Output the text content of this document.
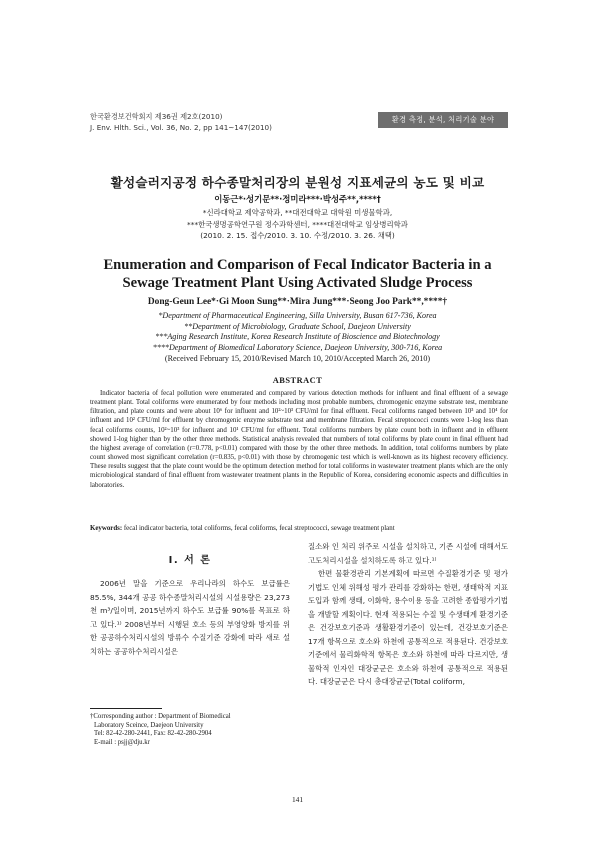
한국환경보건학회지 제36권 제2호(2010)
J. Env. Hlth. Sci., Vol. 36, No. 2, pp 141~147(2010)
환경 측정, 분석, 처리기술 분야
활성슬러지공정 하수종말처리장의 분원성 지표세균의 농도 및 비교
이동근*·성기문**·정미라***·박성주**,****†
*신라대학교 제약공학과, **대전대학교 대학원 미생물학과,
***한국생명공학연구원 정수과학센터, ****대전대학교 임상병리학과
(2010. 2. 15. 접수/2010. 3. 10. 수정/2010. 3. 26. 채택)
Enumeration and Comparison of Fecal Indicator Bacteria in a
Sewage Treatment Plant Using Activated Sludge Process
Dong-Geun Lee*·Gi Moon Sung**·Mira Jung***·Seong Joo Park**,****†
*Department of Pharmaceutical Engineering, Silla University, Busan 617-736, Korea
**Department of Microbiology, Graduate School, Daejeon University
***Aging Research Institute, Korea Research Institute of Bioscience and Biotechnology
****Department of Biomedical Laboratory Science, Daejeon University, 300-716, Korea
(Received February 15, 2010/Revised March 10, 2010/Accepted March 26, 2010)
ABSTRACT

Indicator bacteria of fecal pollution were enumerated and compared by various detection methods for influent and final effluent of a sewage treatment plant. Total coliforms were enumerated by four methods including most probable numbers, chromogenic enzyme substrate test, membrane filtration, and plate counts and were about 10⁶ for influent and 10²~10³ CFU/ml for final effluent. Fecal coliforms ranged between 10³ and 10⁴ for influent and 10² CFU/ml for effluent by chromogenic enzyme substrate test and membrane filtration. Fecal streptococci counts were 1-log less than fecal coliforms counts, 10²~10³ for influent and 10¹ CFU/ml for effluent. Total coliforms numbers by plate count both in influent and in effluent showed 1-log higher than by the other three methods. Statistical analysis revealed that numbers of total coliforms by plate count in final effluent had the highest average of correlation (r=0.778, p<0.01) compared with those by the other three methods. In addition, total coliforms numbers by plate count showed most significant correlation (r=0.835, p<0.01) with those by chromogenic test which is well-known as its highest recovery efficiency. These results suggest that the plate count would be the optimum detection method for total coliforms in wastewater treatment plants which are the only microbiological standard of final effluent from wastewater treatment plants in the Republic of Korea, considering economic aspects and difficulties in laboratories.

Keywords: fecal indicator bacteria, total coliforms, fecal coliforms, fecal streptococci, sewage treatment plant
I. 서 론

2006년 말을 기준으로 우리나라의 하수도 보급률은 85.5%, 344개 공공 하수종말처리시설의 시설용량은 23,273천 m³/일이며, 2015년까지 하수도 보급률 90%를 목표로 하고 있다.¹⁾ 2008년부터 시행된 호소 등의 부영양화 방지를 위한 공공하수처리시설의 방류수 수질기준 강화에 따라 새로 설치하는 공공하수처리시설은

질소와 인 처리 위주로 시설을 설치하고, 기존 시설에 대해서도 고도처리시설을 설치하도록 하고 있다.¹⁾

한편 물환경관리 기본계획에 따르면 수질환경기준 및 평가기법도 인체 위해성 평가 관리를 강화하는 한편, 생태학적 지표 도입과 함께 생태, 이화학, 용수이용 등을 고려한 종합평가기법을 개발할 계획이다. 현재 적용되는 수질 및 수생태계 환경기준은 건강보호기준과 생활환경기준이 있는데, 건강보호기준은 17개 항목으로 호소와 하천에 공통적으로 적용된다. 건강보호기준에서 물리화학적 항목은 호소와 하천에 따라 다르지만, 생물학적 인자인 대장균군은 호소와 하천에 공통적으로 적용된다. 대장균군은 다시 총대장균군(Total coliform,

†Corresponding author : Department of Biomedical
Laboratory Sceince, Daejeon University
Tel: 82-42-280-2441, Fax: 82-42-280-2904
E-mail : psjj@dju.kr
141
